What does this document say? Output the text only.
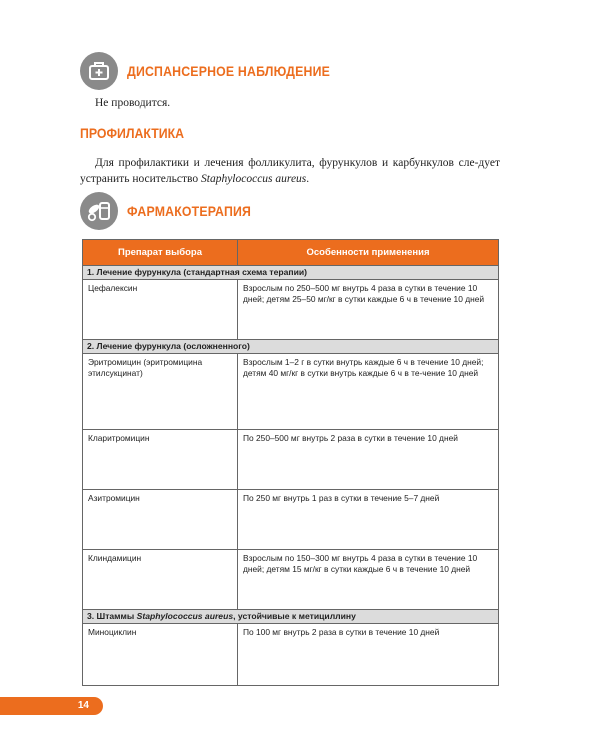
ДИСПАНСЕРНОЕ НАБЛЮДЕНИЕ
Не проводится.
ПРОФИЛАКТИКА
Для профилактики и лечения фолликулита, фурункулов и карбункулов сле-дует устранить носительство Staphylococcus aureus.
ФАРМАКОТЕРАПИЯ
Препарат выбора	Особенности применения
1. Лечение фурункула (стандартная схема терапии)	
Цефалексин	Взрослым по 250–500 мг внутрь 4 раза в сутки в течение 10 дней; детям 25–50 мг/кг в сутки каждые 6 ч в течение 10 дней
2. Лечение фурункула (осложненного)	
Эритромицин (эритромицина этилсукцинат)	Взрослым 1–2 г в сутки внутрь каждые 6 ч в течение 10 дней; детям 40 мг/кг в сутки внутрь каждые 6 ч в те-чение 10 дней
Кларитромицин	По 250–500 мг внутрь 2 раза в сутки в течение 10 дней
Азитромицин	По 250 мг внутрь 1 раз в сутки в течение 5–7 дней
Клиндамицин	Взрослым по 150–300 мг внутрь 4 раза в сутки в течение 10 дней; детям 15 мг/кг в сутки каждые 6 ч в течение 10 дней
3. Штаммы Staphylococcus aureus, устойчивые к метициллину	
Миноциклин	По 100 мг внутрь 2 раза в сутки в течение 10 дней
14
